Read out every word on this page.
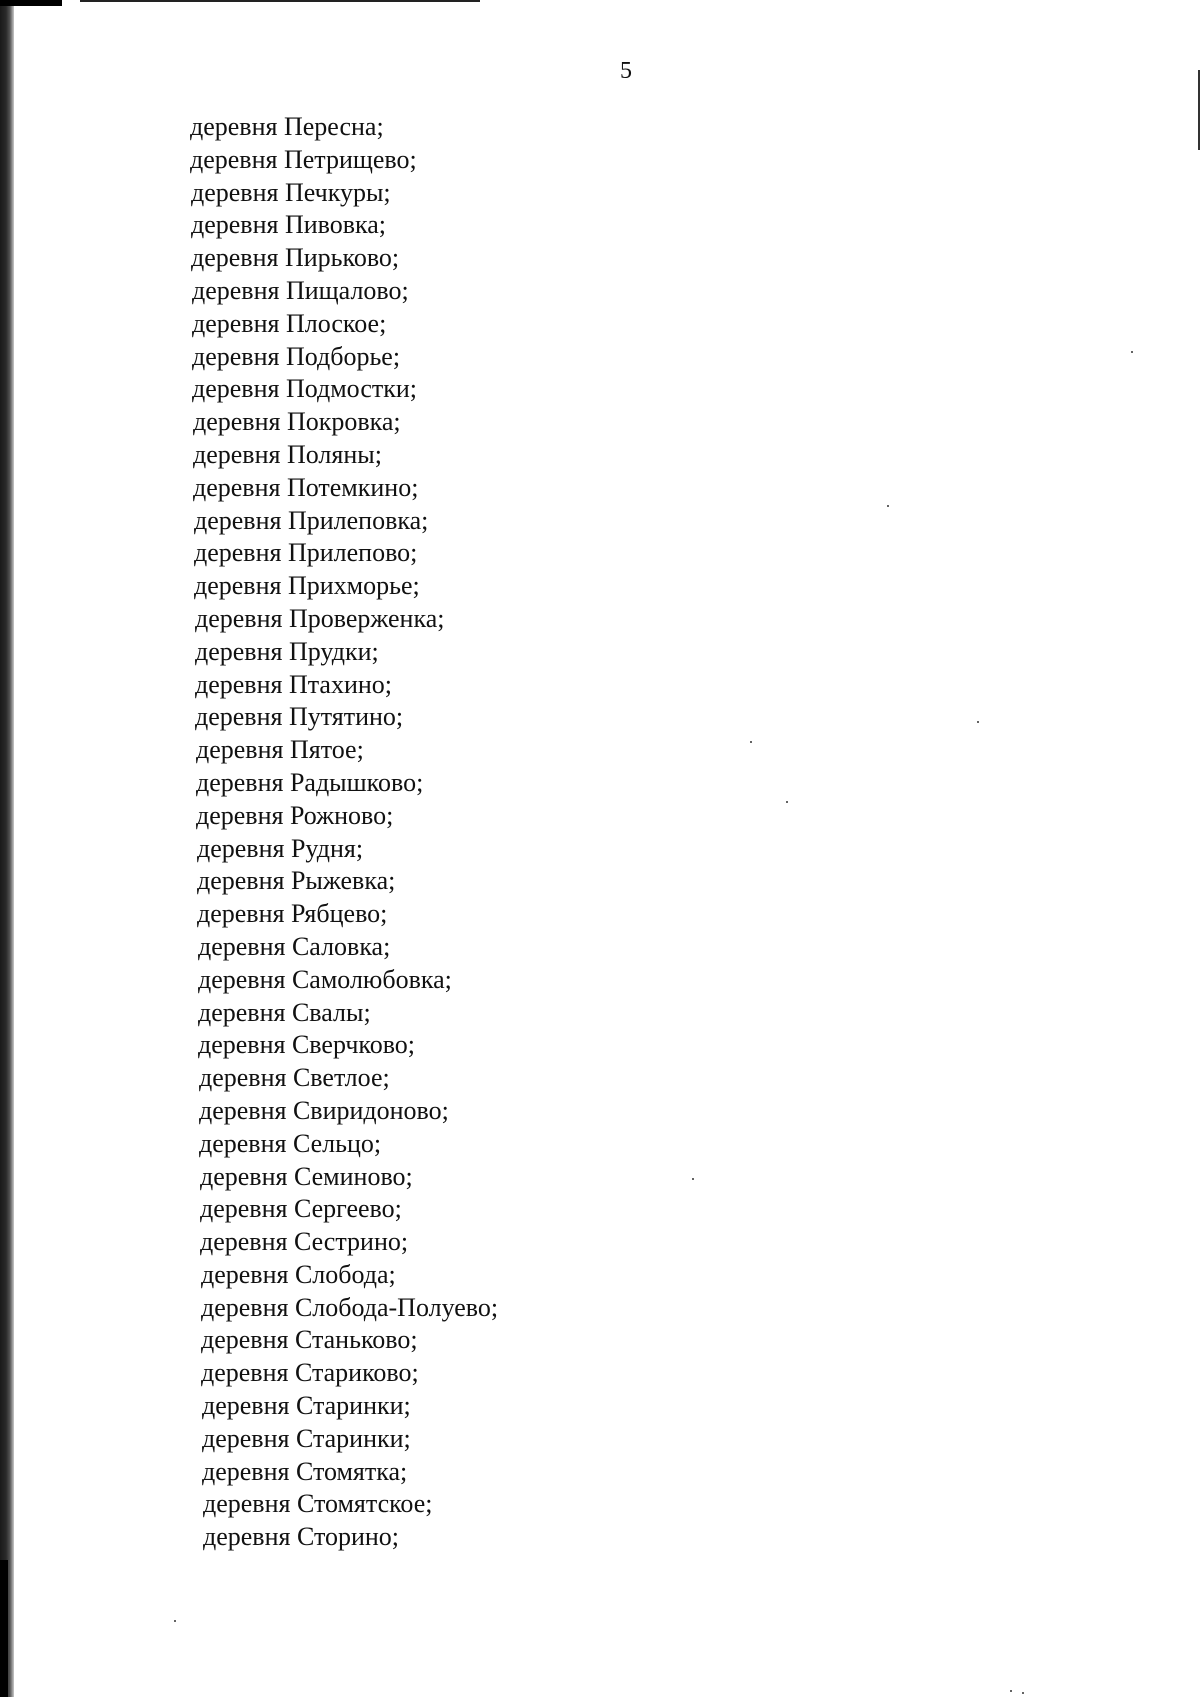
5
деревня Пересна;
деревня Петрищево;
деревня Печкуры;
деревня Пивовка;
деревня Пирьково;
деревня Пищалово;
деревня Плоское;
деревня Подборье;
деревня Подмостки;
деревня Покровка;
деревня Поляны;
деревня Потемкино;
деревня Прилеповка;
деревня Прилепово;
деревня Прихморье;
деревня Проверженка;
деревня Прудки;
деревня Птахино;
деревня Путятино;
деревня Пятое;
деревня Радышково;
деревня Рожново;
деревня Рудня;
деревня Рыжевка;
деревня Рябцево;
деревня Саловка;
деревня Самолюбовка;
деревня Свалы;
деревня Сверчково;
деревня Светлое;
деревня Свиридоново;
деревня Сельцо;
деревня Семиново;
деревня Сергеево;
деревня Сестрино;
деревня Слобода;
деревня Слобода-Полуево;
деревня Станьково;
деревня Стариково;
деревня Старинки;
деревня Старинки;
деревня Стомятка;
деревня Стомятское;
деревня Сторино;
